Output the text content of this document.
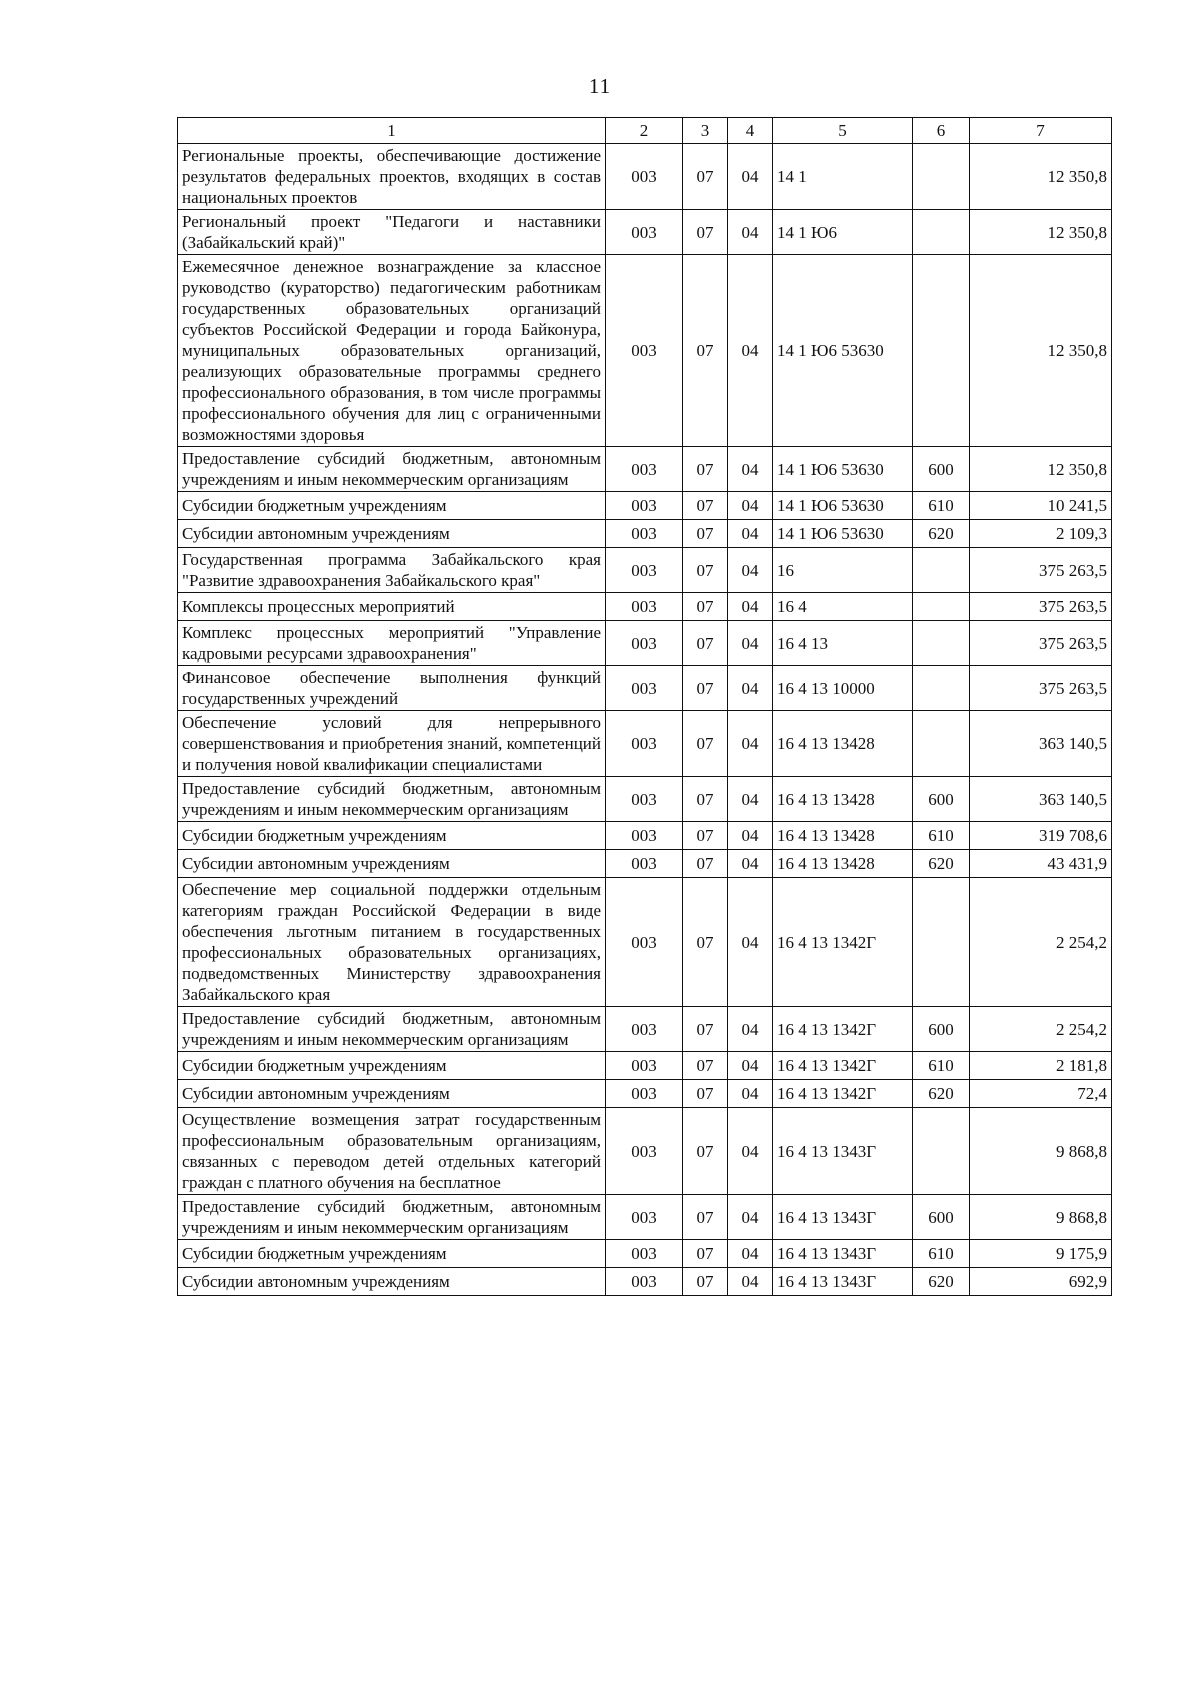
11
1	2	3	4	5	6	7
Региональные проекты, обеспечивающие достижение результатов федеральных проектов, входящих в состав национальных проектов	003	07	04	14 1		12 350,8
Региональный проект "Педагоги и наставники (Забайкальский край)"	003	07	04	14 1 Ю6		12 350,8
Ежемесячное денежное вознаграждение за классное руководство (кураторство) педагогическим работникам государственных образовательных организаций субъектов Российской Федерации и города Байконура, муниципальных образовательных организаций, реализующих образовательные программы среднего профессионального образования, в том числе программы профессионального обучения для лиц с ограниченными возможностями здоровья	003	07	04	14 1 Ю6 53630		12 350,8
Предоставление субсидий бюджетным, автономным учреждениям и иным некоммерческим организациям	003	07	04	14 1 Ю6 53630	600	12 350,8
Субсидии бюджетным учреждениям	003	07	04	14 1 Ю6 53630	610	10 241,5
Субсидии автономным учреждениям	003	07	04	14 1 Ю6 53630	620	2 109,3
Государственная программа Забайкальского края "Развитие здравоохранения Забайкальского края"	003	07	04	16		375 263,5
Комплексы процессных мероприятий	003	07	04	16 4		375 263,5
Комплекс процессных мероприятий "Управление кадровыми ресурсами здравоохранения"	003	07	04	16 4 13		375 263,5
Финансовое обеспечение выполнения функций государственных учреждений	003	07	04	16 4 13 10000		375 263,5
Обеспечение условий для непрерывного совершенствования и приобретения знаний, компетенций и получения новой квалификации специалистами	003	07	04	16 4 13 13428		363 140,5
Предоставление субсидий бюджетным, автономным учреждениям и иным некоммерческим организациям	003	07	04	16 4 13 13428	600	363 140,5
Субсидии бюджетным учреждениям	003	07	04	16 4 13 13428	610	319 708,6
Субсидии автономным учреждениям	003	07	04	16 4 13 13428	620	43 431,9
Обеспечение мер социальной поддержки отдельным категориям граждан Российской Федерации в виде обеспечения льготным питанием в государственных профессиональных образовательных организациях, подведомственных Министерству здравоохранения Забайкальского края	003	07	04	16 4 13 1342Г		2 254,2
Предоставление субсидий бюджетным, автономным учреждениям и иным некоммерческим организациям	003	07	04	16 4 13 1342Г	600	2 254,2
Субсидии бюджетным учреждениям	003	07	04	16 4 13 1342Г	610	2 181,8
Субсидии автономным учреждениям	003	07	04	16 4 13 1342Г	620	72,4
Осуществление возмещения затрат государственным профессиональным образовательным организациям, связанных с переводом детей отдельных категорий граждан с платного обучения на бесплатное	003	07	04	16 4 13 1343Г		9 868,8
Предоставление субсидий бюджетным, автономным учреждениям и иным некоммерческим организациям	003	07	04	16 4 13 1343Г	600	9 868,8
Субсидии бюджетным учреждениям	003	07	04	16 4 13 1343Г	610	9 175,9
Субсидии автономным учреждениям	003	07	04	16 4 13 1343Г	620	692,9
